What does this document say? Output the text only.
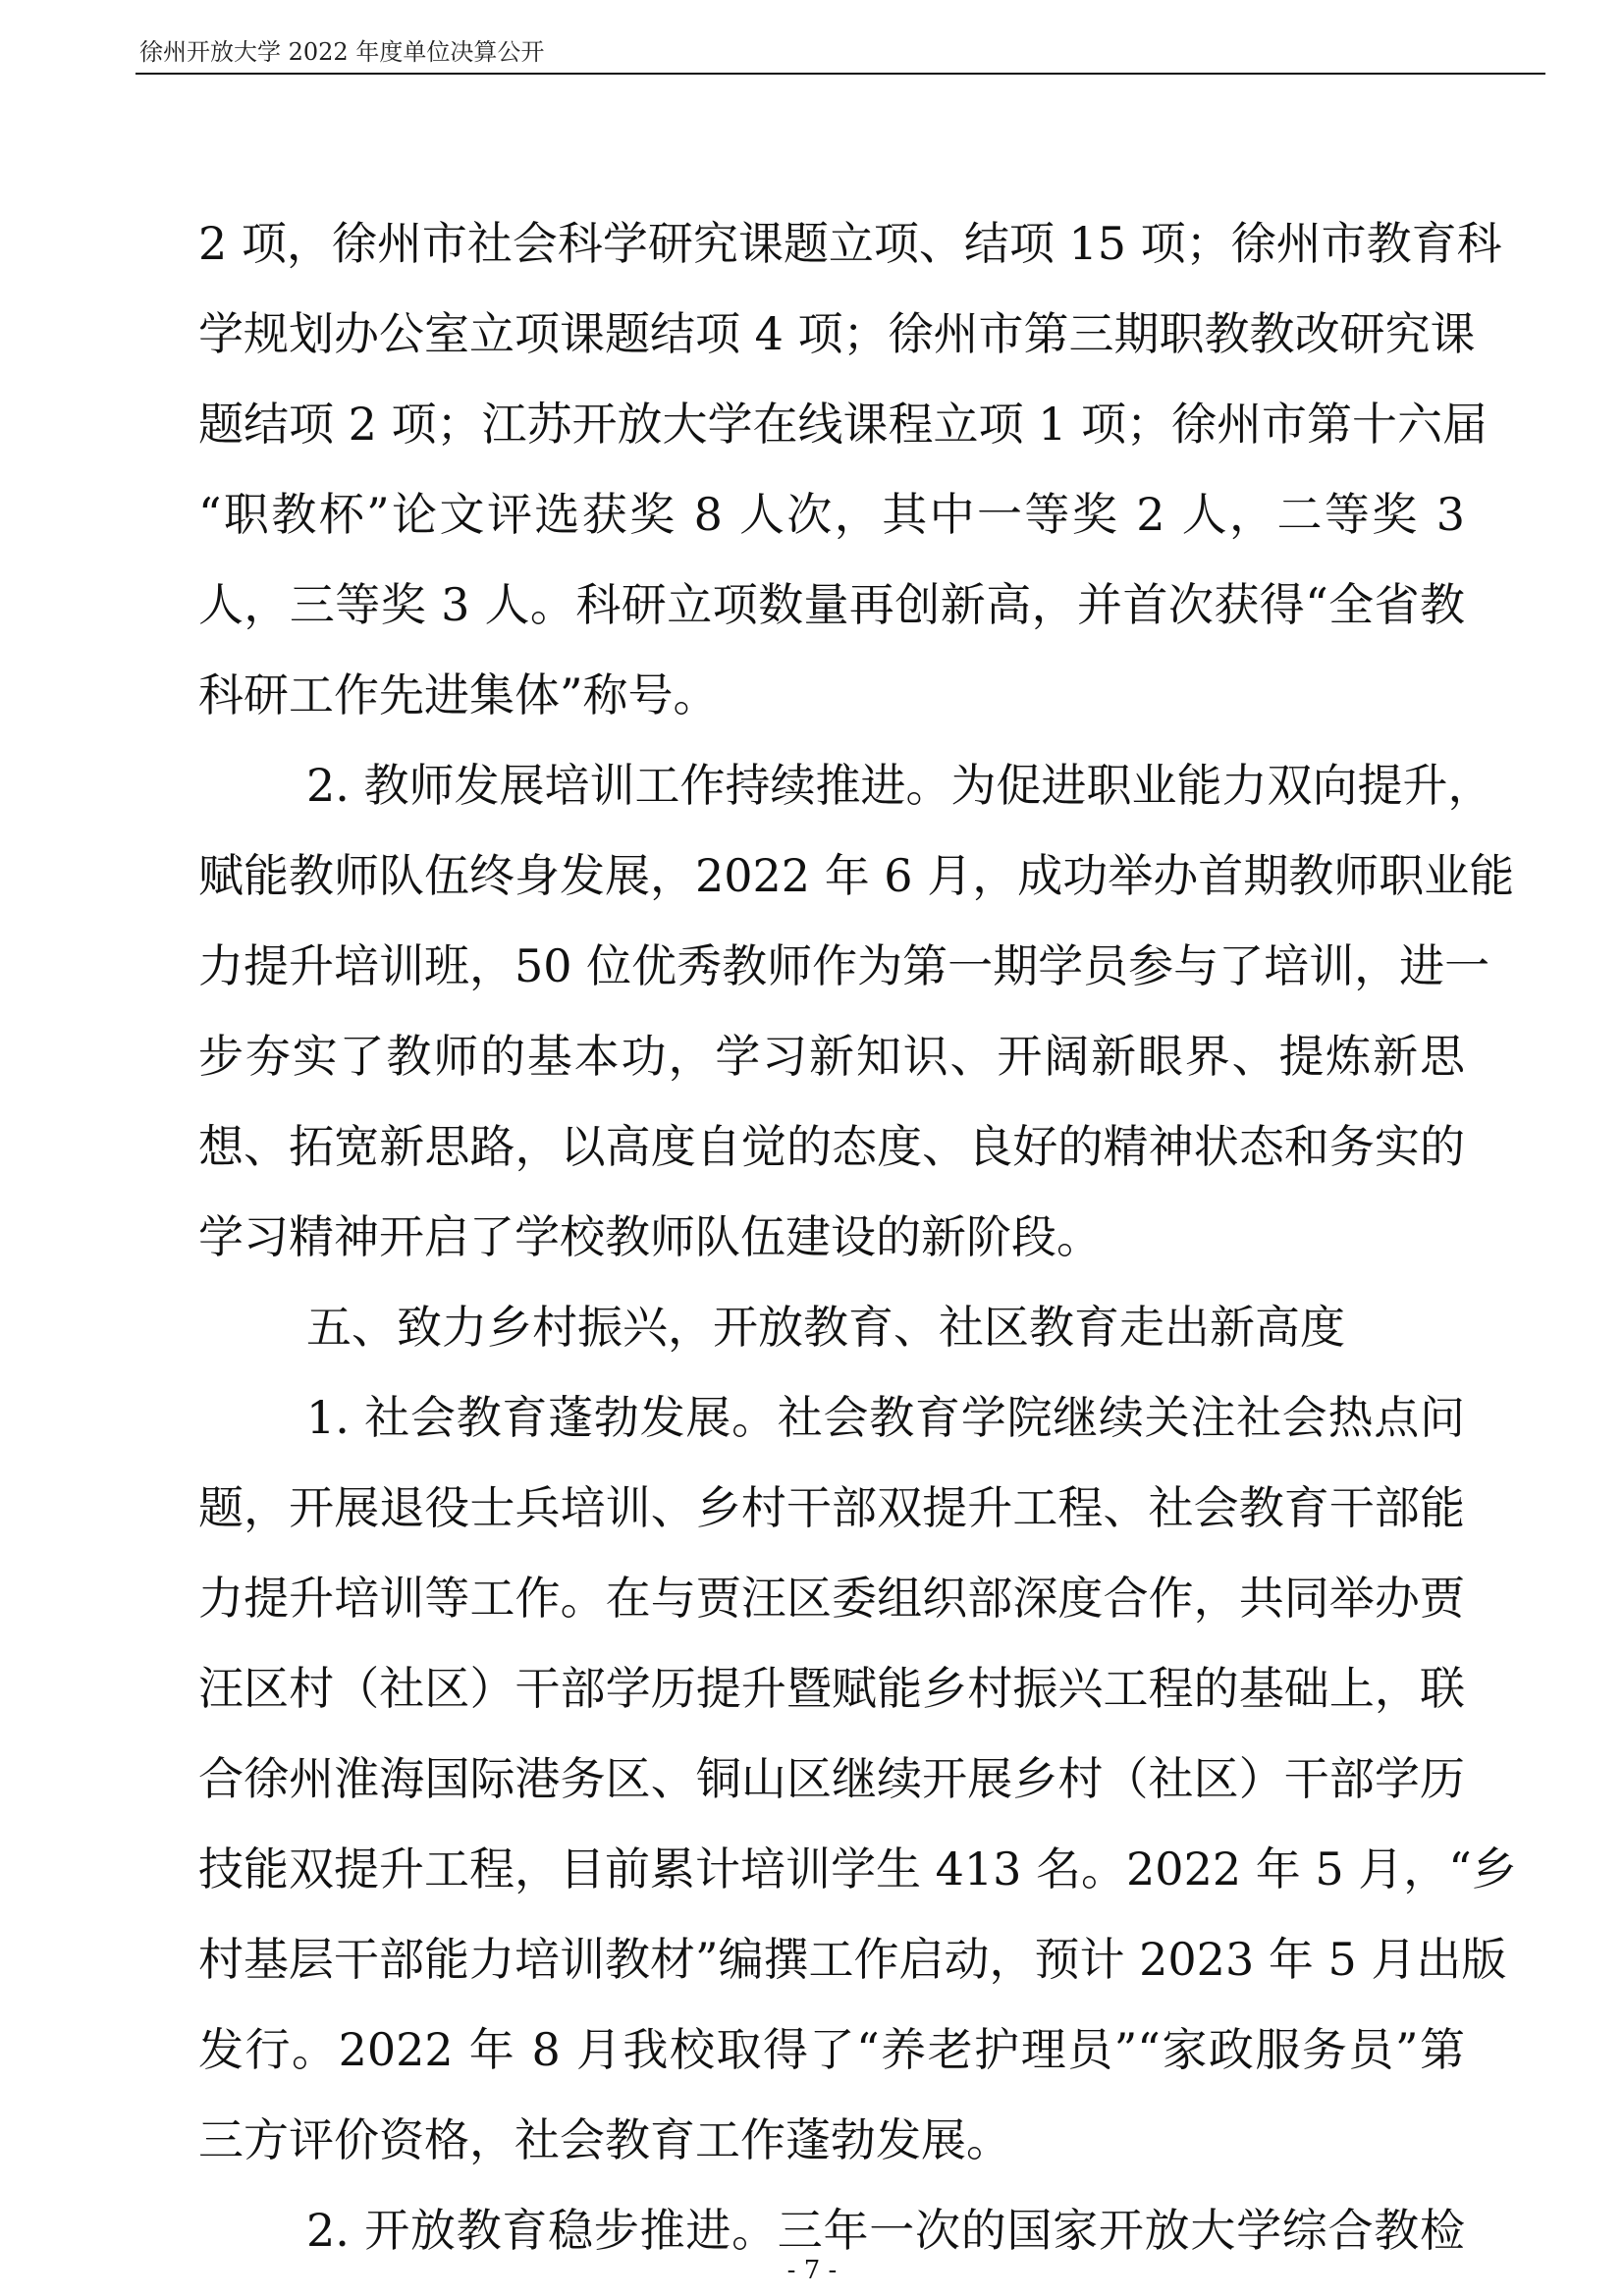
徐州开放大学 2022 年度单位决算公开
2 项，徐州市社会科学研究课题立项、结项 15 项；徐州市教育科
学规划办公室立项课题结项 4 项；徐州市第三期职教教改研究课
题结项 2 项；江苏开放大学在线课程立项 1 项；徐州市第十六届
“职教杯”论文评选获奖 8 人次，其中一等奖 2 人，二等奖 3
人，三等奖 3 人。科研立项数量再创新高，并首次获得“全省教
科研工作先进集体”称号。
2. 教师发展培训工作持续推进。为促进职业能力双向提升，
赋能教师队伍终身发展，2022 年 6 月，成功举办首期教师职业能
力提升培训班，50 位优秀教师作为第一期学员参与了培训，进一
步夯实了教师的基本功，学习新知识、开阔新眼界、提炼新思
想、拓宽新思路，以高度自觉的态度、良好的精神状态和务实的
学习精神开启了学校教师队伍建设的新阶段。
五、致力乡村振兴，开放教育、社区教育走出新高度
1. 社会教育蓬勃发展。社会教育学院继续关注社会热点问
题，开展退役士兵培训、乡村干部双提升工程、社会教育干部能
力提升培训等工作。在与贾汪区委组织部深度合作，共同举办贾
汪区村（社区）干部学历提升暨赋能乡村振兴工程的基础上，联
合徐州淮海国际港务区、铜山区继续开展乡村（社区）干部学历
技能双提升工程，目前累计培训学生 413 名。2022 年 5 月，“乡
村基层干部能力培训教材”编撰工作启动，预计 2023 年 5 月出版
发行。2022 年 8 月我校取得了“养老护理员”“家政服务员”第
三方评价资格，社会教育工作蓬勃发展。
2. 开放教育稳步推进。三年一次的国家开放大学综合教检
- 7 -
